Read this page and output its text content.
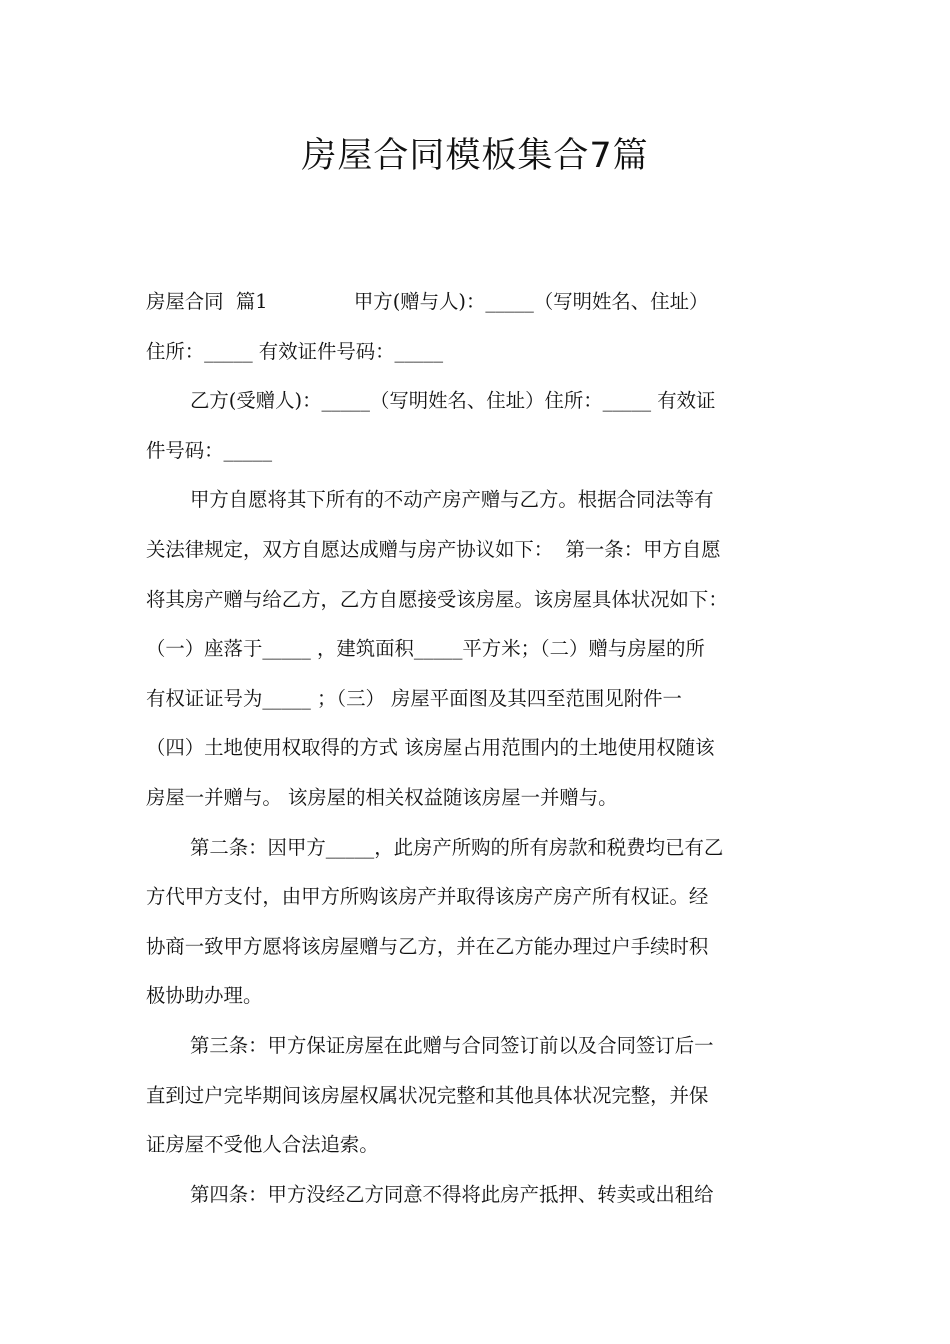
房屋合同模板集合7篇
房屋合同  篇1              甲方(赠与人)：_____（写明姓名、住址）
住所：_____ 有效证件号码：_____
乙方(受赠人)：_____（写明姓名、住址）住所：_____ 有效证
件号码：_____
甲方自愿将其下所有的不动产房产赠与乙方。根据合同法等有
关法律规定，双方自愿达成赠与房产协议如下：  第一条：甲方自愿
将其房产赠与给乙方，乙方自愿接受该房屋。该房屋具体状况如下：
（一）座落于_____ ，建筑面积_____平方米；（二）赠与房屋的所
有权证证号为_____ ；（三） 房屋平面图及其四至范围见附件一
（四）土地使用权取得的方式 该房屋占用范围内的土地使用权随该
房屋一并赠与。 该房屋的相关权益随该房屋一并赠与。
第二条：因甲方_____，此房产所购的所有房款和税费均已有乙
方代甲方支付，由甲方所购该房产并取得该房产房产所有权证。经
协商一致甲方愿将该房屋赠与乙方，并在乙方能办理过户手续时积
极协助办理。
第三条：甲方保证房屋在此赠与合同签订前以及合同签订后一
直到过户完毕期间该房屋权属状况完整和其他具体状况完整，并保
证房屋不受他人合法追索。
第四条：甲方没经乙方同意不得将此房产抵押、转卖或出租给
